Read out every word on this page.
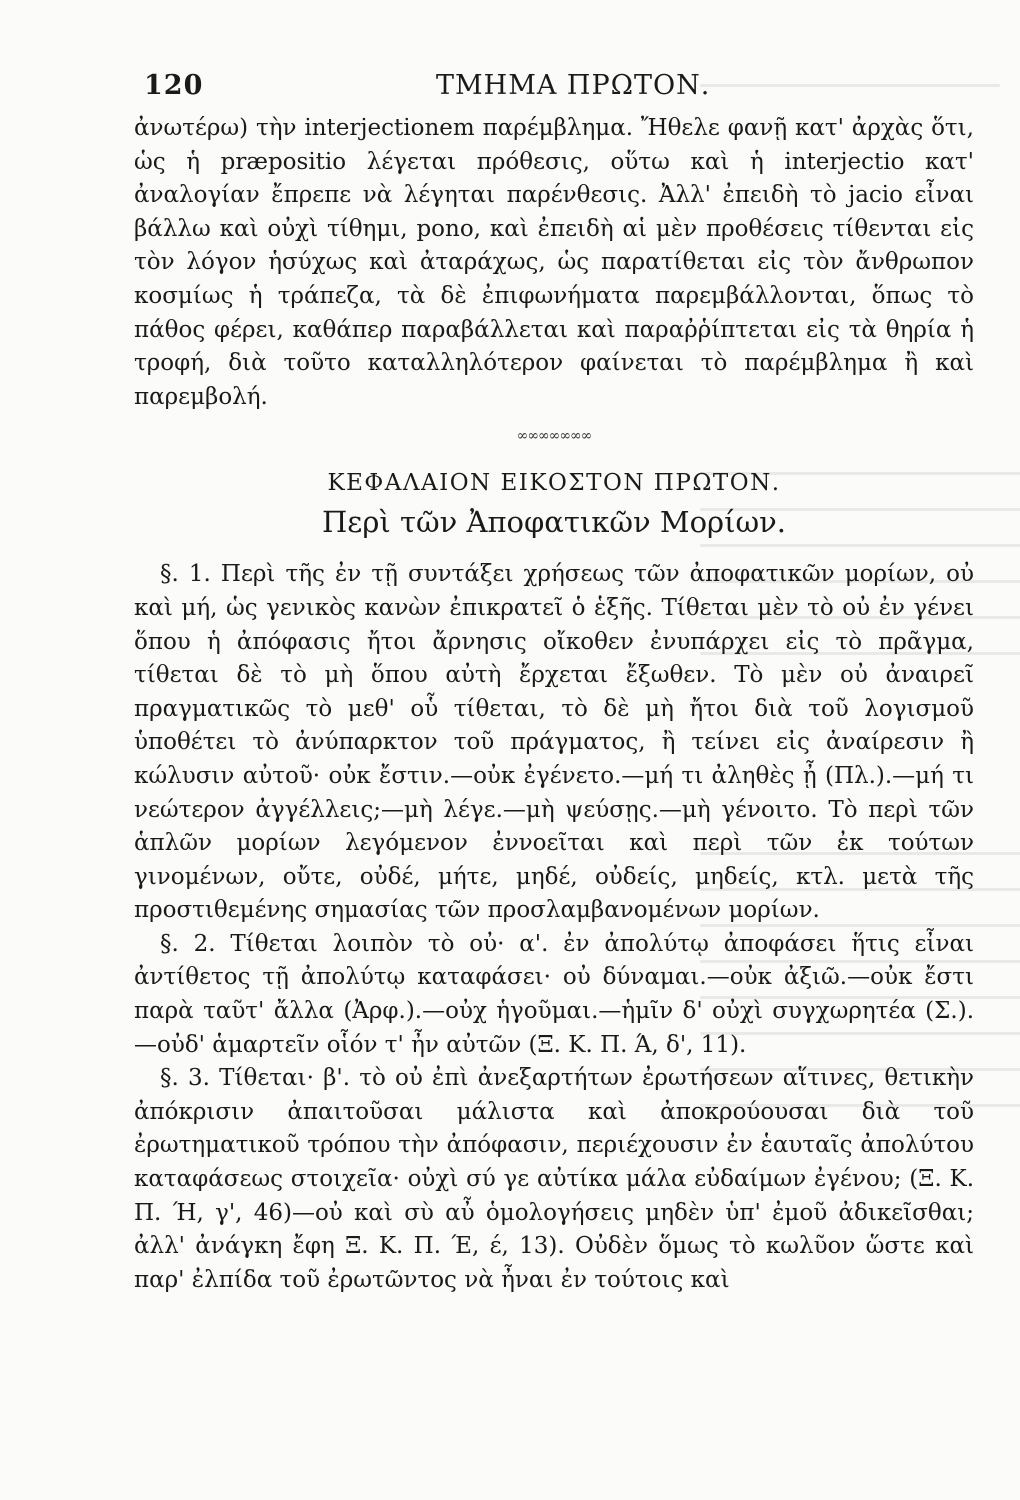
120	ΤΜΗΜΑ ΠΡΩΤΟΝ.

ἀνωτέρω) τὴν interjectionem παρέμβλημα. Ἤθελε φανῇ κατ' ἀρχὰς ὅτι, ὡς ἡ præpositio λέγεται πρόθεσις, οὕτω καὶ ἡ interjectio κατ' ἀναλογίαν ἔπρεπε νὰ λέγηται παρένθεσις. Ἀλλ' ἐπειδὴ τὸ jacio εἶναι βάλλω καὶ οὐχὶ τίθημι, pono, καὶ ἐπειδὴ αἱ μὲν προθέσεις τίθενται εἰς τὸν λόγον ἡσύχως καὶ ἀταράχως, ὡς παρατίθεται εἰς τὸν ἄνθρωπον κοσμίως ἡ τράπεζα, τὰ δὲ ἐπιφωνήματα παρεμβάλλονται, ὅπως τὸ πάθος φέρει, καθάπερ παραβάλλεται καὶ παραῤῥίπτεται εἰς τὰ θηρία ἡ τροφή, διὰ τοῦτο καταλληλότερον φαίνεται τὸ παρέμβλημα ἢ καὶ παρεμβολή.

∞∞∞∞∞∞∞
ΚΕΦΑΛΑΙΟΝ ΕΙΚΟΣΤΟΝ ΠΡΩΤΟΝ.
Περὶ τῶν Ἀποφατικῶν Μορίων.

§. 1. Περὶ τῆς ἐν τῇ συντάξει χρήσεως τῶν ἀποφατικῶν μορίων, οὐ καὶ μή, ὡς γενικὸς κανὼν ἐπικρατεῖ ὁ ἑξῆς. Τίθεται μὲν τὸ οὐ ἐν γένει ὅπου ἡ ἀπόφασις ἤτοι ἄρνησις οἴκοθεν ἐνυπάρχει εἰς τὸ πρᾶγμα, τίθεται δὲ τὸ μὴ ὅπου αὐτὴ ἔρχεται ἔξωθεν. Τὸ μὲν οὐ ἀναιρεῖ πραγματικῶς τὸ μεθ' οὗ τίθεται, τὸ δὲ μὴ ἤτοι διὰ τοῦ λογισμοῦ ὑποθέτει τὸ ἀνύπαρκτον τοῦ πράγματος, ἢ τείνει εἰς ἀναίρεσιν ἢ κώλυσιν αὐτοῦ· οὐκ ἔστιν.—οὐκ ἐγένετο.—μή τι ἀληθὲς ᾖ (Πλ.).—μή τι νεώτερον ἀγγέλλεις;—μὴ λέγε.—μὴ ψεύσῃς.—μὴ γένοιτο. Τὸ περὶ τῶν ἁπλῶν μορίων λεγόμενον ἐννοεῖται καὶ περὶ τῶν ἐκ τούτων γινομένων, οὔτε, οὐδέ, μήτε, μηδέ, οὐδείς, μηδείς, κτλ. μετὰ τῆς προστιθεμένης σημασίας τῶν προσλαμβανομένων μορίων.

§. 2. Τίθεται λοιπὸν τὸ οὐ· α'. ἐν ἀπολύτῳ ἀποφάσει ἥτις εἶναι ἀντίθετος τῇ ἀπολύτῳ καταφάσει· οὐ δύναμαι.—οὐκ ἀξιῶ.—οὐκ ἔστι παρὰ ταῦτ' ἄλλα (Ἀρφ.).—οὐχ ἡγοῦμαι.—ἡμῖν δ' οὐχὶ συγχωρητέα (Σ.).—οὐδ' ἁμαρτεῖν οἷόν τ' ἦν αὐτῶν (Ξ. Κ. Π. Ά, δ', 11).

§. 3. Τίθεται· β'. τὸ οὐ ἐπὶ ἀνεξαρτήτων ἐρωτήσεων αἵτινες, θετικὴν ἀπόκρισιν ἀπαιτοῦσαι μάλιστα καὶ ἀποκρούουσαι διὰ τοῦ ἐρωτηματικοῦ τρόπου τὴν ἀπόφασιν, περιέχουσιν ἐν ἑαυταῖς ἀπολύτου καταφάσεως στοιχεῖα· οὐχὶ σύ γε αὐτίκα μάλα εὐδαίμων ἐγένου; (Ξ. Κ. Π. Ή, γ', 46)—οὐ καὶ σὺ αὖ ὁμολογήσεις μηδὲν ὑπ' ἐμοῦ ἀδικεῖσθαι; ἀλλ' ἀνάγκη ἔφη Ξ. Κ. Π. Έ, έ, 13). Οὐδὲν ὅμως τὸ κωλῦον ὥστε καὶ παρ' ἐλπίδα τοῦ ἐρωτῶντος νὰ ἦναι ἐν τούτοις καὶ
